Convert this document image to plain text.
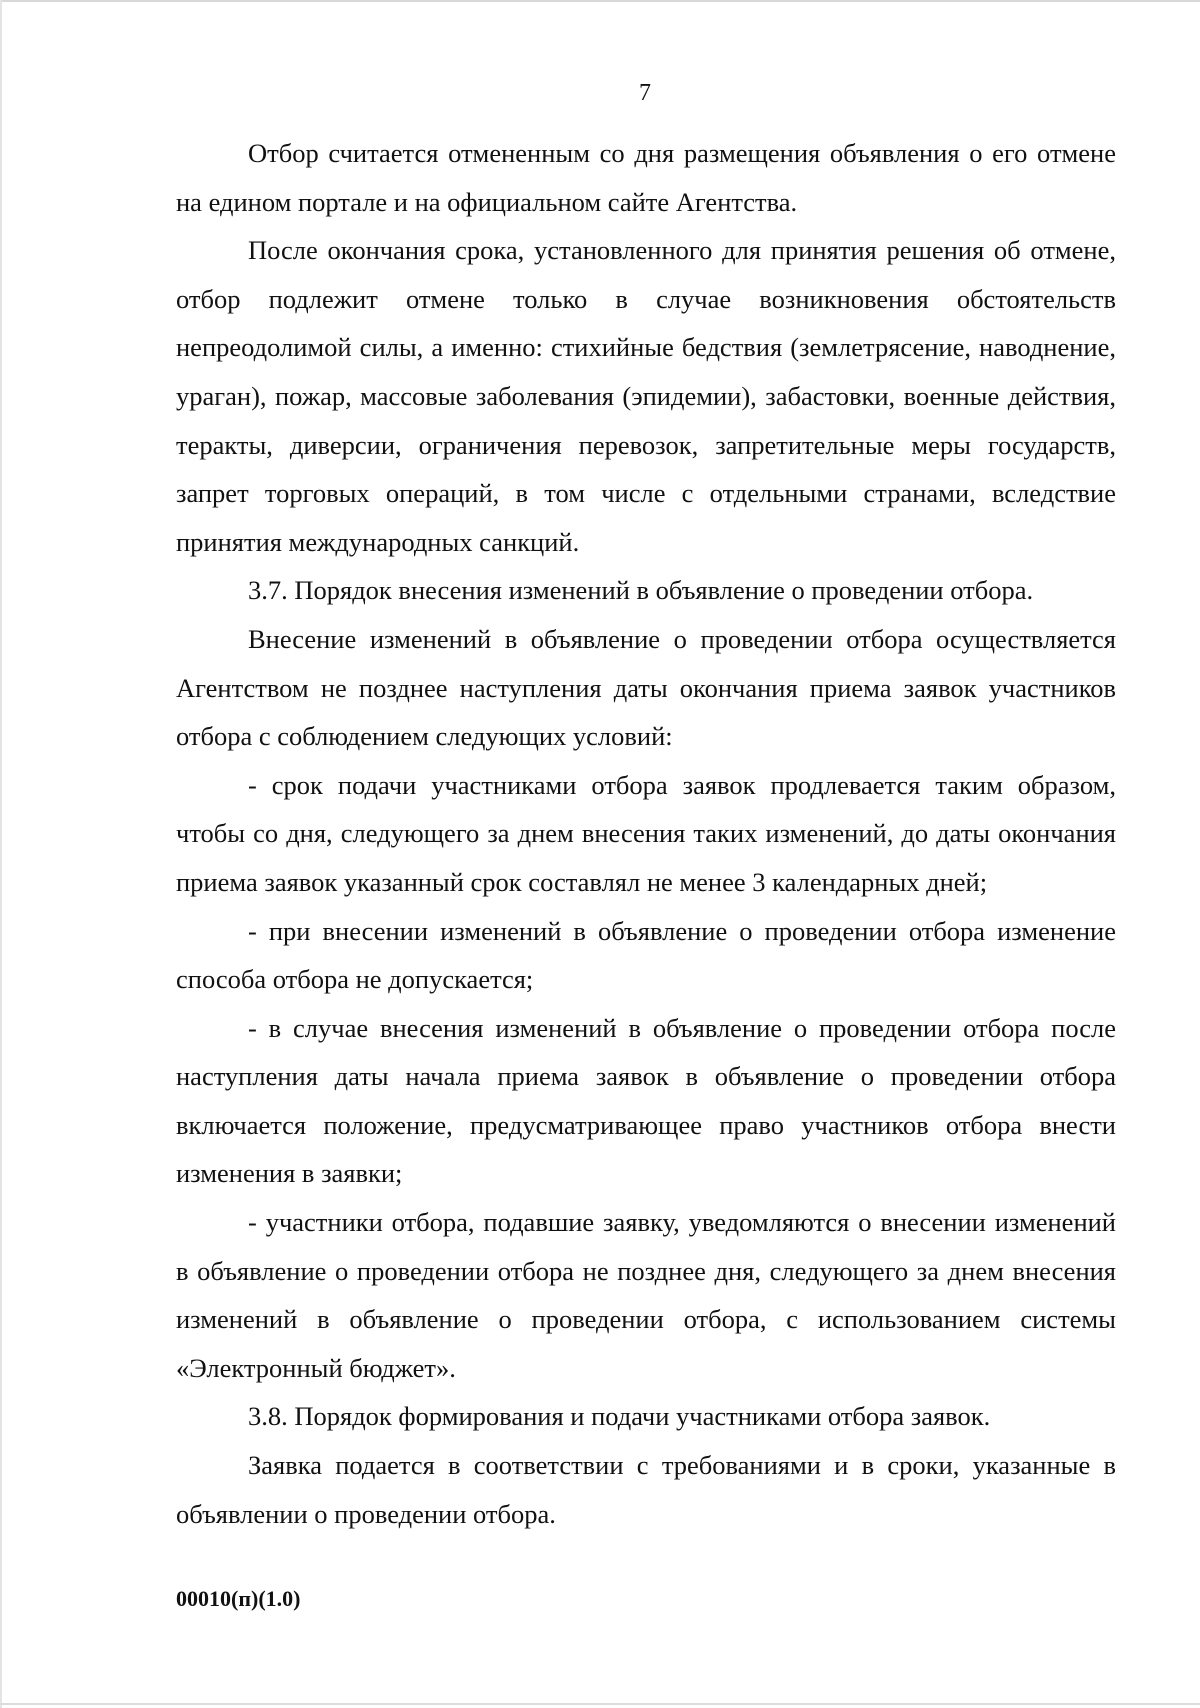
7

Отбор считается отмененным со дня размещения объявления о его отмене на едином портале и на официальном сайте Агентства.

После окончания срока, установленного для принятия решения об отмене, отбор подлежит отмене только в случае возникновения обстоятельств непреодолимой силы, а именно: стихийные бедствия (землетрясение, наводнение, ураган), пожар, массовые заболевания (эпидемии), забастовки, военные действия, теракты, диверсии, ограничения перевозок, запретительные меры государств, запрет торговых операций, в том числе с отдельными странами, вследствие принятия международных санкций.

3.7. Порядок внесения изменений в объявление о проведении отбора.

Внесение изменений в объявление о проведении отбора осуществляется Агентством не позднее наступления даты окончания приема заявок участников отбора с соблюдением следующих условий:

- срок подачи участниками отбора заявок продлевается таким образом, чтобы со дня, следующего за днем внесения таких изменений, до даты окончания приема заявок указанный срок составлял не менее 3 календарных дней;

- при внесении изменений в объявление о проведении отбора изменение способа отбора не допускается;

- в случае внесения изменений в объявление о проведении отбора после наступления даты начала приема заявок в объявление о проведении отбора включается положение, предусматривающее право участников отбора внести изменения в заявки;

- участники отбора, подавшие заявку, уведомляются о внесении изменений в объявление о проведении отбора не позднее дня, следующего за днем внесения изменений в объявление о проведении отбора, с использованием системы «Электронный бюджет».

3.8. Порядок формирования и подачи участниками отбора заявок.

Заявка подается в соответствии с требованиями и в сроки, указанные в объявлении о проведении отбора.

00010(п)(1.0)
